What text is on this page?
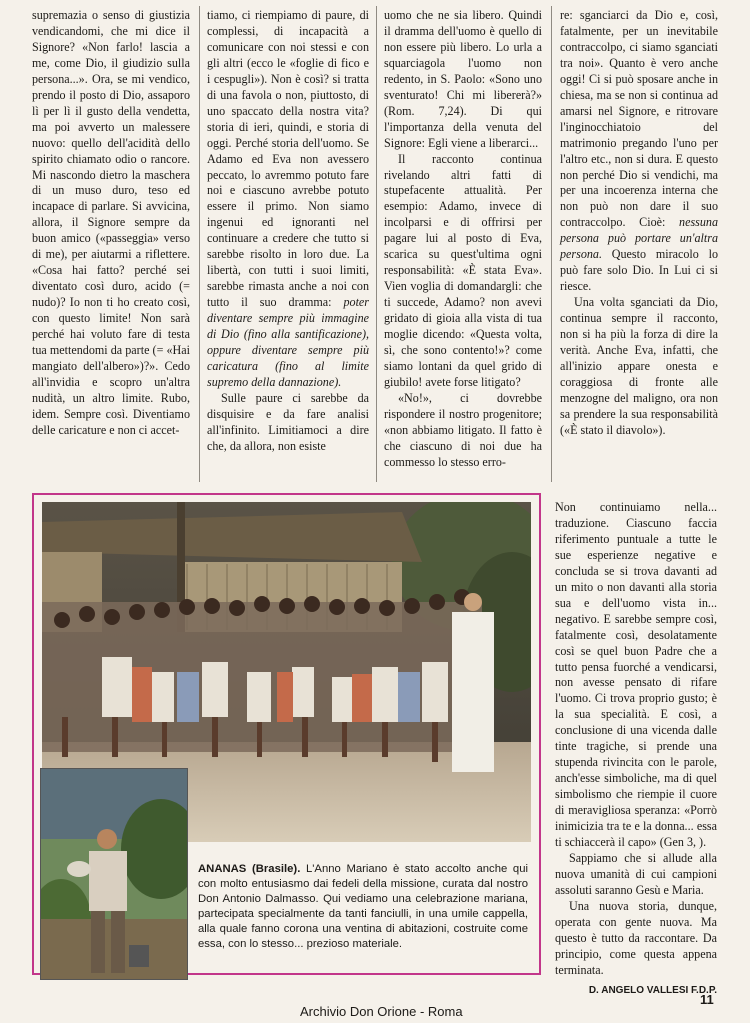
supremazia o senso di giustizia vendicandomi, che mi dice il Signore? «Non farlo! lascia a me, come Dio, il giudizio sulla persona...». Ora, se mi vendico, prendo il posto di Dio, assaporo lì per lì il gusto della vendetta, ma poi avverto un malessere nuovo: quello dell'acidità dello spirito chiamato odio o rancore. Mi nascondo dietro la maschera di un muso duro, teso ed incapace di parlare. Si avvicina, allora, il Signore sempre da buon amico («passeggia» verso di me), per aiutarmi a riflettere. «Cosa hai fatto? perché sei diventato così duro, acido (= nudo)? Io non ti ho creato così, con questo limite! Non sarà perché hai voluto fare di testa tua mettendomi da parte (= «Hai mangiato dell'albero»)?». Cedo all'invidia e scopro un'altra nudità, un altro limite. Rubo, idem. Sempre così. Diventiamo delle caricature e non ci accet-

tiamo, ci riempiamo di paure, di complessi, di incapacità a comunicare con noi stessi e con gli altri (ecco le «foglie di fico e i cespugli»). Non è così? si tratta di una favola o non, piuttosto, di uno spaccato della nostra vita? storia di ieri, quindi, e storia di oggi. Perché storia dell'uomo. Se Adamo ed Eva non avessero peccato, lo avremmo potuto fare noi e ciascuno avrebbe potuto essere il primo. Non siamo ingenui ed ignoranti nel continuare a credere che tutto si sarebbe risolto in loro due. La libertà, con tutti i suoi limiti, sarebbe rimasta anche a noi con tutto il suo dramma: poter diventare sempre più immagine di Dio (fino alla santificazione), oppure diventare sempre più caricatura (fino al limite supremo della dannazione).

Sulle paure ci sarebbe da disquisire e da fare analisi all'infinito. Limitiamoci a dire che, da allora, non esiste

uomo che ne sia libero. Quindi il dramma dell'uomo è quello di non essere più libero. Lo urla a squarciagola l'uomo non redento, in S. Paolo: «Sono uno sventurato! Chi mi libererà?» (Rom. 7,24). Di qui l'importanza della venuta del Signore: Egli viene a liberarci...

Il racconto continua rivelando altri fatti di stupefacente attualità. Per esempio: Adamo, invece di incolparsi e di offrirsi per pagare lui al posto di Eva, scarica su quest'ultima ogni responsabilità: «È stata Eva». Vien voglia di domandargli: che ti succede, Adamo? non avevi gridato di gioia alla vista di tua moglie dicendo: «Questa volta, sì, che sono contento!»? come siamo lontani da quel grido di giubilo! avete forse litigato?

«No!», ci dovrebbe rispondere il nostro progenitore; «non abbiamo litigato. Il fatto è che ciascuno di noi due ha commesso lo stesso erro-

re: sganciarci da Dio e, così, fatalmente, per un inevitabile contraccolpo, ci siamo sganciati tra noi». Quanto è vero anche oggi! Ci si può sposare anche in chiesa, ma se non si continua ad amarsi nel Signore, e ritrovare l'inginocchiatoio del matrimonio pregando l'uno per l'altro etc., non si dura. E questo non perché Dio si vendichi, ma per una incoerenza interna che non può non dare il suo contraccolpo. Cioè: nessuna persona può portare un'altra persona. Questo miracolo lo può fare solo Dio. In Lui ci si riesce.

Una volta sganciati da Dio, continua sempre il racconto, non si ha più la forza di dire la verità. Anche Eva, infatti, che all'inizio appare onesta e coraggiosa di fronte alle menzogne del maligno, ora non sa prendere la sua responsabilità («È stato il diavolo»).

ANANAS (Brasile). L'Anno Mariano è stato accolto anche qui con molto entusiasmo dai fedeli della missione, curata dal nostro Don Antonio Dalmasso. Qui vediamo una celebrazione mariana, partecipata specialmente da tanti fanciulli, in una umile cappella, alla quale fanno corona una ventina di abitazioni, costruite come essa, con lo stesso... prezioso materiale.

Non continuiamo nella... traduzione. Ciascuno faccia riferimento puntuale a tutte le sue esperienze negative e concluda se si trova davanti ad un mito o non davanti alla storia sua e dell'uomo vista in... negativo. E sarebbe sempre così, fatalmente così, desolatamente così se quel buon Padre che a tutto pensa fuorché a vendicarsi, non avesse pensato di rifare l'uomo. Ci trova proprio gusto; è la sua specialità. E così, a conclusione di una vicenda dalle tinte tragiche, si prende una stupenda rivincita con le parole, anch'esse simboliche, ma di quel simbolismo che riempie il cuore di meravigliosa speranza: «Porrò inimicizia tra te e la donna... essa ti schiaccerà il capo» (Gen 3, ).

Sappiamo che si allude alla nuova umanità di cui campioni assoluti saranno Gesù e Maria.

Una nuova storia, dunque, operata con gente nuova. Ma questo è tutto da raccontare. Da principio, come questa appena terminata.

D. ANGELO VALLESI F.D.P.
11
Archivio Don Orione - Roma
